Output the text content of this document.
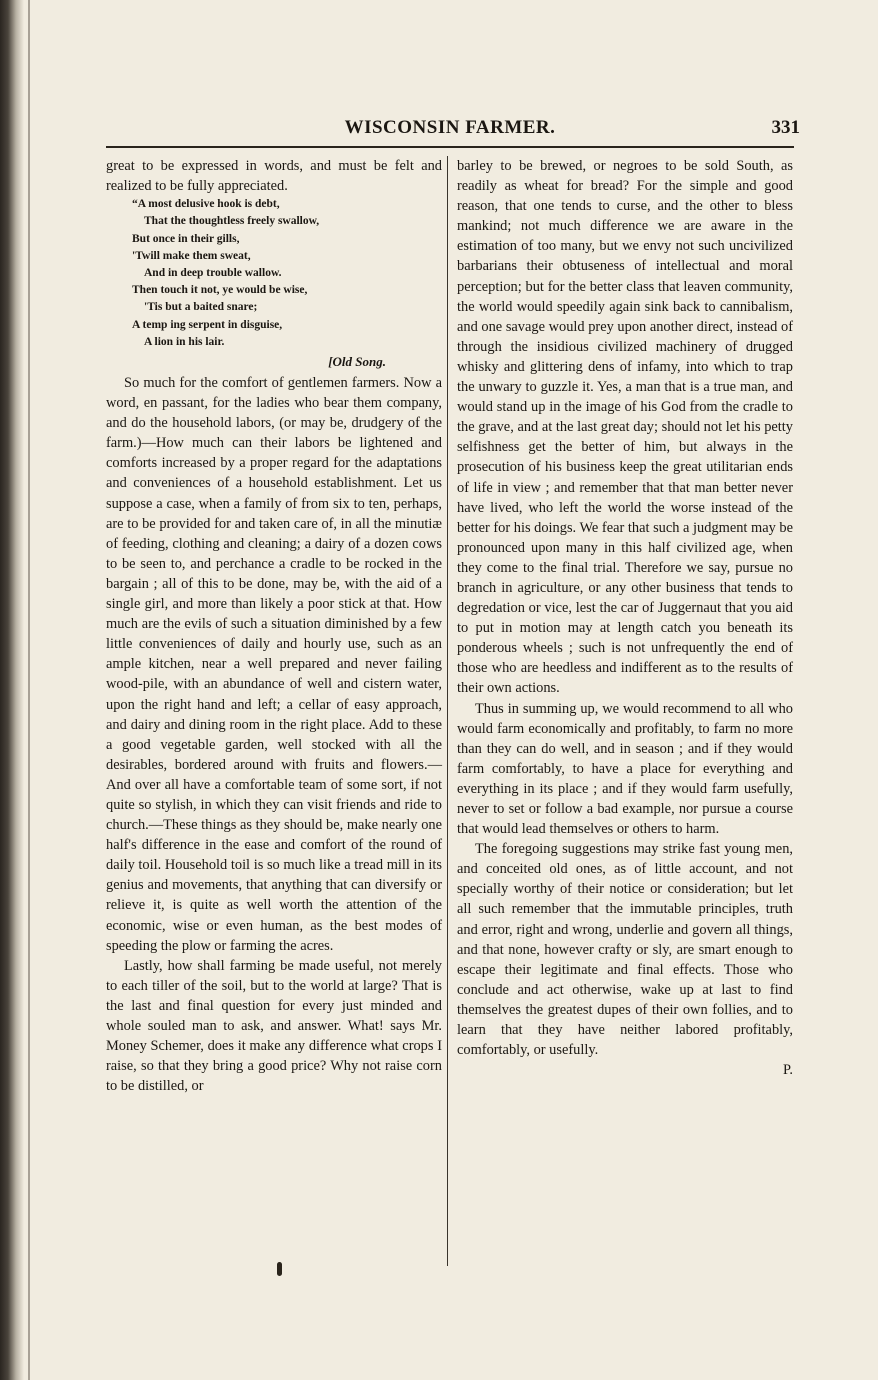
WISCONSIN FARMER.	331

great to be expressed in words, and must be felt and realized to be fully appreciated.

“A most delusive hook is debt,
That the thoughtless freely swallow,
But once in their gills,
'Twill make them sweat,
And in deep trouble wallow.
Then touch it not, ye would be wise,
'Tis but a baited snare;
A temp ing serpent in disguise,
A lion in his lair.

[Old Song.

So much for the comfort of gentlemen farmers. Now a word, en passant, for the ladies who bear them company, and do the household labors, (or may be, drudgery of the farm.)—How much can their labors be lightened and comforts increased by a proper regard for the adaptations and conveniences of a household establishment. Let us suppose a case, when a family of from six to ten, perhaps, are to be provided for and taken care of, in all the minutiæ of feeding, clothing and cleaning; a dairy of a dozen cows to be seen to, and perchance a cradle to be rocked in the bargain ; all of this to be done, may be, with the aid of a single girl, and more than likely a poor stick at that. How much are the evils of such a situation diminished by a few little conveniences of daily and hourly use, such as an ample kitchen, near a well prepared and never failing wood-pile, with an abundance of well and cistern water, upon the right hand and left; a cellar of easy approach, and dairy and dining room in the right place. Add to these a good vegetable garden, well stocked with all the desirables, bordered around with fruits and flowers.—And over all have a comfortable team of some sort, if not quite so stylish, in which they can visit friends and ride to church.—These things as they should be, make nearly one half's difference in the ease and comfort of the round of daily toil. Household toil is so much like a tread mill in its genius and movements, that anything that can diversify or relieve it, is quite as well worth the attention of the economic, wise or even human, as the best modes of speeding the plow or farming the acres.

Lastly, how shall farming be made useful, not merely to each tiller of the soil, but to the world at large? That is the last and final question for every just minded and whole souled man to ask, and answer. What! says Mr. Money Schemer, does it make any difference what crops I raise, so that they bring a good price? Why not raise corn to be distilled, or

barley to be brewed, or negroes to be sold South, as readily as wheat for bread? For the simple and good reason, that one tends to curse, and the other to bless mankind; not much difference we are aware in the estimation of too many, but we envy not such uncivilized barbarians their obtuseness of intellectual and moral perception; but for the better class that leaven community, the world would speedily again sink back to cannibalism, and one savage would prey upon another direct, instead of through the insidious civilized machinery of drugged whisky and glittering dens of infamy, into which to trap the unwary to guzzle it. Yes, a man that is a true man, and would stand up in the image of his God from the cradle to the grave, and at the last great day; should not let his petty selfishness get the better of him, but always in the prosecution of his business keep the great utilitarian ends of life in view ; and remember that that man better never have lived, who left the world the worse instead of the better for his doings. We fear that such a judgment may be pronounced upon many in this half civilized age, when they come to the final trial. Therefore we say, pursue no branch in agriculture, or any other business that tends to degredation or vice, lest the car of Juggernaut that you aid to put in motion may at length catch you beneath its ponderous wheels ; such is not unfrequently the end of those who are heedless and indifferent as to the results of their own actions.

Thus in summing up, we would recommend to all who would farm economically and profitably, to farm no more than they can do well, and in season ; and if they would farm comfortably, to have a place for everything and everything in its place ; and if they would farm usefully, never to set or follow a bad example, nor pursue a course that would lead themselves or others to harm.

The foregoing suggestions may strike fast young men, and conceited old ones, as of little account, and not specially worthy of their notice or consideration; but let all such remember that the immutable principles, truth and error, right and wrong, underlie and govern all things, and that none, however crafty or sly, are smart enough to escape their legitimate and final effects. Those who conclude and act otherwise, wake up at last to find themselves the greatest dupes of their own follies, and to learn that they have neither labored profitably, comfortably, or usefully.

P.
